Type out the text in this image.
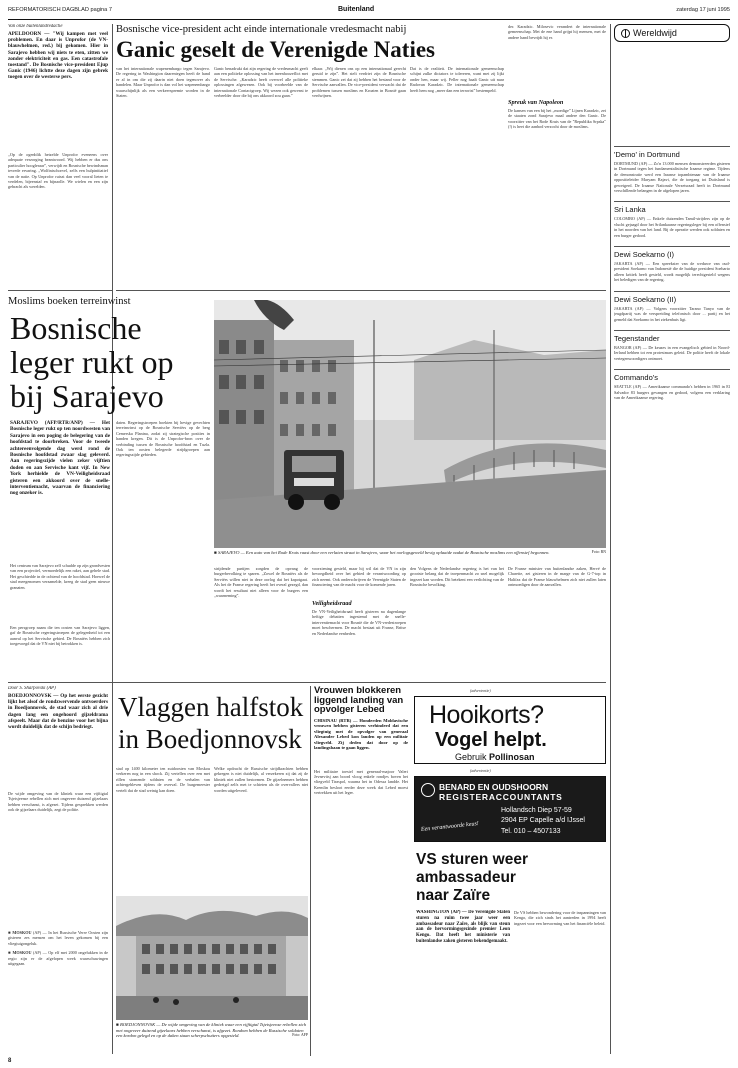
REFORMATORISCH DAGBLAD pagina 7	Buitenland	zaterdag 17 juni 1995
Van onze buitenlandredactie
APELDOORN — "Wij kampen met veel problemen. En daar is Unprofor (de VN-blauwhelmen, red.) bij gekomen. Hier in Sarajevo hebben wij niets te eten, zitten we zonder elektriciteit en gas. Een catastrofale toestand". De Bosnische vice-president Ejup Ganic (1946) lichtte deze dagen zijn gebrek toegen over de westerse pers.
„Op de ogenblik hetzelde Unprofor eveneens over adequate verzorging beantwoord. Wij hebben er dus ons particulier hoogleraar”, verwijdt en Bosnische bewindsman tevrede ervaring. „Wolfinischorvel, zelfs een hulpinitiatief van de natie. Op Unprofor ruiszt dan veel vooral lieten te verdelen, bijeenstaf en bijnaolle. We wielen en een zijn gebracht als werelden.
Bosnische vice-president acht einde internationale vredesmacht nabij
Ganic geselt de Verenigde Naties
van het internationale wapenembargo tegen Sarajevo. De regering in Washington daarentegen heeft de hand er al in om die zij daarin niet doen tegenover als handelen. Maar Unprofor is dan vol het wapenembargo waarschijnlijk als een verkeerspremie worden in de Staten.
Ganic benadrukt dat zijn regering de vredesmacht geeft aan een politieke oplossing van het ineenhoozeflict met de Servische. „Karadzic heeft overwel alle politieke oplossingen afgewezen. Ook bij voorbeelde van de internationale Contactgroep. Wij wezen ook gewenst te verbeelder door die bij ons akkoord zou gaan.”
elkaar. „Wij dienen ons op een internationaal gerecht geruid te zijn”. Het stelt verdriet zijn de Bosnische stemmen. Ganic zei dat zij hebben het bestand voor de Servische aanvallen. De vice-president verwacht dat de problemen tussen moslims en Kroaten in Bosnië gaan verdwijnen.
Dat is de realiteit. De internationale gemeenschap schijnt zulke dictators te tolereren, want met zij lijkt onder hen, maar wij. Feller nog haalt Ganic uit naar Radovan Karadzic. De internationale gemeenschap heeft hem nog „meer dan een terrorist” bestempeld.
der. Karadzic. Milosevic verandert de internationale gemeenschap. Met de ene hand grijpt hij mensen, met de andere hand bevrijdt hij er.
Spreuk van Napoleon
De kansen van een bij het „moedige” Lijnen Karadzic, zei de staaten zond Sarajevo maal andere den Ganic. De voorzitter van het Rode Kruis van de "Republika Srpska" (!) is heet die aanbod verzocht door de moslims.
Wereldwijd
'Demo' in Dortmund
DORTMUND (AP) — Zo'n 13.000 mensen demonstreerden gisteren in Dortmund tegen het fundamentalistische Iraanse regime. Tijdens de demonstratie werd een Iraanse topambtenaar van de Iraanse oppositieleider Maryam Rajavi, die de toegang tot Duitsland is geweigerd. De Iraanse Nationale Verzetsraad heeft in Dortmund verschillende belangen in de afgelopen jaren.
Sri Lanka
COLOMBO (AP) — Enkele duizenden Tamil-strijders zijn op de vlucht gejaagd door het Srilankaanse regeringsleger bij een offensief in het noorden van het land. Bij de operatie werden ook soldaten en een burger gedood.
Dewi Soekarno (I)
JAKARTA (AP) — Een spreekster van de weduwe van oud-president Soekarno van Indonesië die de huidige president Soeharto alleen kritiek heeft gesteld, wordt mogelijk terechtgesteld wegens het beledigen van de regering.
Dewi Soekarno (II)
JAKARTA (AP) — Volgens voorzitter Tarano Tanyo van de jeugdpartij was de verspreiding telefonisch door ... partij en het gemeld dat Soekarno in het ziekenhuis ligt.
Tegenstander
BANGOR (AP) — De keuzes in een evangelisch gebied in Noord-Ierland hebben tot een protestmars geleid. De politie heeft de lokale vertegenwoordigers ontmoet.
Commando's
SEATTLE (AP) — Amerikaanse commando's hebben in 1965 in El Salvador 83 burgers gevangen en gedood, volgens een verklaring van de Amerikaanse regering.
Moslims boeken terreinwinst
Bosnische
leger rukt op
bij Sarajevo
SARAJEVO (AFP/RTR/ANP) — Het Bosnische leger rukt op ten noordwesten van Sarajevo in een poging de belegering van de hoofdstad te doorbreken. Voor de tweede achtereenvolgende dag werd rond de Bosnische hoofdstad zwaar slag geleverd. Aan regeringszijde vielen zeker vijftien doden en aan Servische kant vijf. In New York herhielde de VN-Veiligheidsraad gisteren een akkoord over de snelle-interventiemacht, waarvan de financiering nog onzeker is.
Het centrum van Sarajevo zelf schudde op zijn grondvesten van een projectiel, vermoedelijk een raket, aan gehele stad. Het geschiedde in de ochtend van de hoofdstad. Hoewel de stad meegenomen verzamelde, kreeg de stad geen nieuwe granaten.
Een persgroep naam die ten oosten van Sarajevo liggen, gaf de Bosnische regeringstroepen de gelegenheid tot een aanval op het Servische gebied. De Bosniërs hebben zich toegevoegd dat de VN niet bij betrokken is.
daten. Regeringstroepen boekten bij hevige gevechten terreinwinst op de Bosnische Serviërs op de berg Cemerska Planina, zodat zij strategische posities in handen kregen. Dit is de Unprofor-bron over de verbinding tussen de Bosnische hoofdstad en Tuzla. Ook ten oosten belegerde strijdgroepen aan regeringszijde gebieden.
■ SARAJEVO — Een auto van het Rode Kruis raast door een verlaten straat in Sarajevo, waar het oorlogsgeweld bevig oplaaide nadat de Bosnische moslims een offensief begonnen.	Foto: RN
strijdende partijen zorgden de opvang de burgerbevolking te sparen. „Zowel de Bosniërs als de Serviërs willen niet in deze oorlog dat het kapotgaat. Als het de Franse regering heeft het overal gezegd, dan wordt het resultaat niet alleen voor de burgers een „waarneming”.
voorziening gesteld, maar hij wil dat de VN in zijn bevoegdheid over het gebied de verantwoording op zich neemt. Ook onderschrijven de Verenigde Staten de financiering van de macht voor de komende jaren.
Veiligheidsraad
De VN-Veiligheidsraad heeft gisteren na dagenlange heftige debatten ingestemd met de snelle-interventiemacht voor Bosnië die de VN-vredestroepen moet beschermen. De macht bestaat uit Franse, Britse en Nederlandse eenheden.
den Volgens de Nederlandse regering is het van het grootste belang dat de troepenmacht zo snel mogelijk ingezet kan worden. Dit betekent een verlichting van de Bosnische bevolking.
De Franse minister van buitenlandse zaken, Hervé de Charette, zei gisteren in de marge van de G-7-top in Halifax dat de Franse blauwhelmen zich niet zullen laten ontmoedigen door de aanvallen.
Door S. Sharpovski (AP)
BOEDJONNOVSK — Op het eerste gezicht lijkt het alsof de rondzwervende ontvoerders in Boedjonnovsk, de stad waar zich al drie dagen lang een ongehoord gijzeldrama afspeelt. Maar dat de benzine voor het bijna wordt duidelijk dat de schijn bedriegt.
De wijde omgeving van de kliniek waar een vijftigtal Tsjetsjeense rebellen zich met ongeveer duizend gijzelaars hebben verschanst, is afgezet. Tijdens gesprekken werden ook de gijzelaars duidelijk, zegt de politie.
■ MOSKOU (AP) — In het Russische Verre Oosten zijn gisteren zes mensen om het leven gekomen bij een vliegtuigongeluk.
■ MOSKOU (AP) — Op elf mei 2000 ongelukken in de regio zijn er de afgelopen week waarschuwingen uitgegaan.
Vlaggen halfstok
in Boedjonnovsk
stad op 1400 kilometer ten zuidoosten van Moskou verkeren nog in een shock. Zij vertellen over een met rillen stomende soldaten en de verhalen van achtergebleven tijdens de overval. De burgemeester vertelt dat de stad weinig kan doen.
Welke opdracht de Russische strijdkrachten hebben gekregen is niet duidelijk, al verzekeren zij dat zij de kliniek niet zullen bestormen. De gijzelnemers hebben gedreigd zelfs met te schieten als de overvallers niet worden uitgeleverd.
■ BOEDJONNOVSK — De wijde omgeving van de kliniek waar een vijftigtal Tsjetsjeense rebellen zich met ongeveer duizend gijzelaars hebben verschanst, is afgezet. Rondom hebben de Russische soldaten een kordon gelegd en op de daken staan scherpschutters opgesteld.	Foto: AFP
Vrouwen blokkeren
liggend landing van
opvolger Lebed
CHISINAU (RTR) — Honderden Moldavische vrouwen hebben gisteren verhinderd dat een vliegtuig met de opvolger van generaal Alexander Lebed kon landen op een militair vliegveld. Zij deden dat door op de landingsbaan te gaan liggen.
Het militaire toestel met generaal-majoor Valeri Jevnevitsj aan boord vloog enkele rondjes boven het vliegveld Tiraspol, waarna het in Odessa landde. Het Kremlin besloot eerder deze week dat Lebed moest vertrekken uit het leger.
(advertentie)
Hooikorts?
Vogel helpt.
Gebruik Pollinosan
(advertentie)
BENARD EN OUDSHOORN
REGISTERACCOUNTANTS
Hollandsch Diep 57-59
2904 EP Capelle a/d IJssel
Tel. 010 – 4507133
Een verantwoorde keus!
VS sturen weer
ambassadeur
naar Zaïre
WASHINGTON (AP) — De Verenigde Staten sturen na ruim twee jaar weer een ambassadeur naar Zaïre, als blijk van steun aan de hervormingsgezinde premier Leon Kengo. Dat heeft het ministerie van buitenlandse zaken gisteren bekendgemaakt.
De VS hebben bewondering voor de inspanningen van Kengo, die zich sinds het aantreden in 1994 heeft ingezet voor een hervorming van het financiële beleid.
8
